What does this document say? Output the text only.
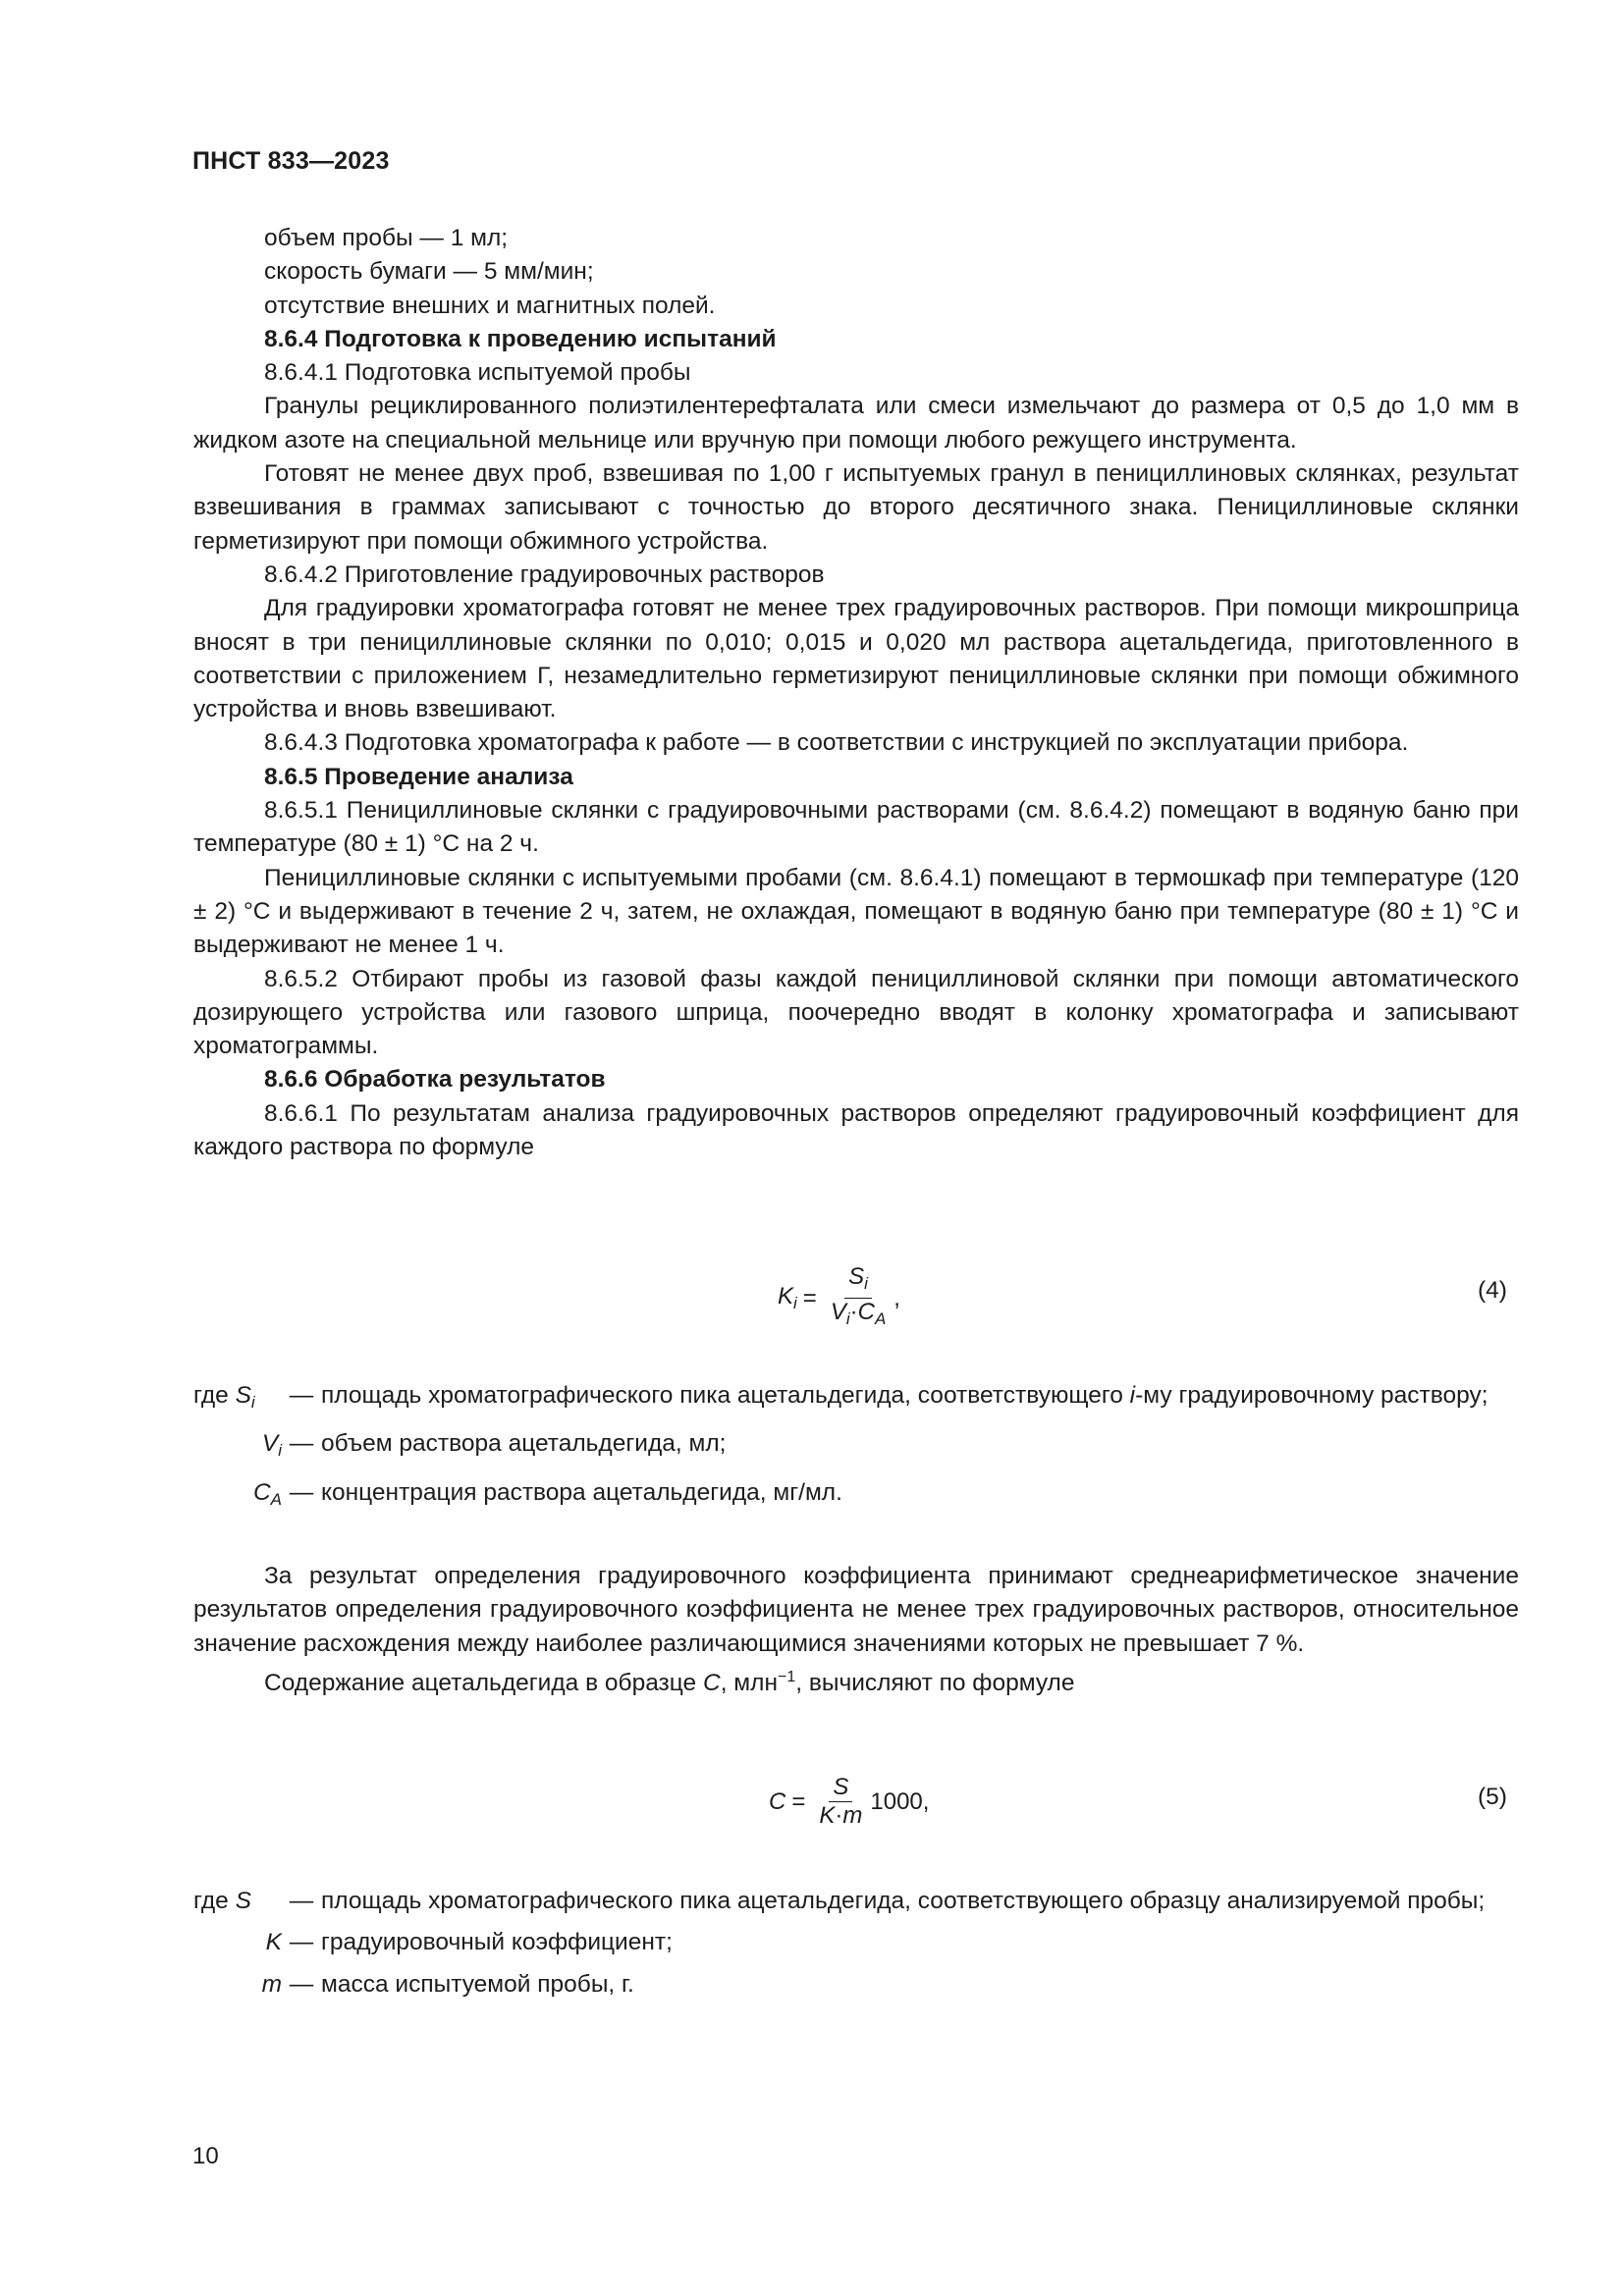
ПНСТ 833—2023

объем пробы — 1 мл;

скорость бумаги — 5 мм/мин;

отсутствие внешних и магнитных полей.

8.6.4 Подготовка к проведению испытаний

8.6.4.1 Подготовка испытуемой пробы

Гранулы рециклированного полиэтилентерефталата или смеси измельчают до размера от 0,5 до 1,0 мм в жидком азоте на специальной мельнице или вручную при помощи любого режущего инструмента.

Готовят не менее двух проб, взвешивая по 1,00 г испытуемых гранул в пенициллиновых склянках, результат взвешивания в граммах записывают с точностью до второго десятичного знака. Пенициллиновые склянки герметизируют при помощи обжимного устройства.

8.6.4.2 Приготовление градуировочных растворов

Для градуировки хроматографа готовят не менее трех градуировочных растворов. При помощи микрошприца вносят в три пенициллиновые склянки по 0,010; 0,015 и 0,020 мл раствора ацетальдегида, приготовленного в соответствии с приложением Г, незамедлительно герметизируют пенициллиновые склянки при помощи обжимного устройства и вновь взвешивают.

8.6.4.3 Подготовка хроматографа к работе — в соответствии с инструкцией по эксплуатации прибора.

8.6.5 Проведение анализа

8.6.5.1 Пенициллиновые склянки с градуировочными растворами (см. 8.6.4.2) помещают в водяную баню при температуре (80 ± 1) °C на 2 ч.

Пенициллиновые склянки с испытуемыми пробами (см. 8.6.4.1) помещают в термошкаф при температуре (120 ± 2) °C и выдерживают в течение 2 ч, затем, не охлаждая, помещают в водяную баню при температуре (80 ± 1) °C и выдерживают не менее 1 ч.

8.6.5.2 Отбирают пробы из газовой фазы каждой пенициллиновой склянки при помощи автоматического дозирующего устройства или газового шприца, поочередно вводят в колонку хроматографа и записывают хроматограммы.

8.6.6 Обработка результатов

8.6.6.1 По результатам анализа градуировочных растворов определяют градуировочный коэффициент для каждого раствора по формуле

$K_i = \frac{S_i}{V_i\cdot C_A}$ ,	(4)
где $S_i$	— площадь хроматографического пика ацетальдегида, соответствующего i-му градуировочному раствору;
$V_i$ — объем раствора ацетальдегида, мл;
$C_A$ — концентрация раствора ацетальдегида, мг/мл.

За результат определения градуировочного коэффициента принимают среднеарифметическое значение результатов определения градуировочного коэффициента не менее трех градуировочных растворов, относительное значение расхождения между наиболее различающимися значениями которых не превышает 7 %.

Содержание ацетальдегида в образце C, млн$^{-1}$, вычисляют по формуле

$C = \frac{S}{K\cdot m} 1000$,	(5)
где S	— площадь хроматографического пика ацетальдегида, соответствующего образцу анализируемой пробы;
K — градуировочный коэффициент;
m — масса испытуемой пробы, г.
10
